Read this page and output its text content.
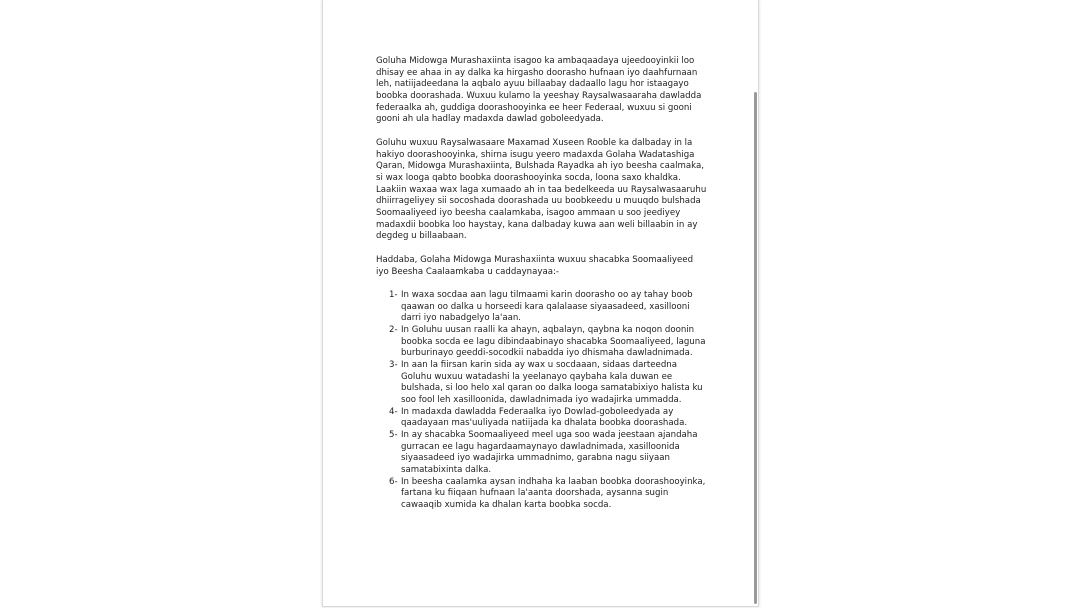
Goluha Midowga Murashaxiinta isagoo ka ambaqaadaya ujeedooyinkii loo dhisay ee ahaa in ay dalka ka hirgasho doorasho hufnaan iyo daahfurnaan leh, natiijadeedana la aqbalo ayuu billaabay dadaallo lagu hor istaagayo boobka doorashada. Wuxuu kulamo la yeeshay Raysalwasaaraha dawladda federaalka ah, guddiga doorashooyinka ee heer Federaal, wuxuu si gooni gooni ah ula hadlay madaxda dawlad goboleedyada.

Goluhu wuxuu Raysalwasaare Maxamad Xuseen Rooble ka dalbaday in la hakiyo doorashooyinka, shirna isugu yeero madaxda Golaha Wadatashiga Qaran, Midowga Murashaxiinta, Bulshada Rayadka ah iyo beesha caalmaka, si wax looga qabto boobka doorashooyinka socda, loona saxo khaldka. Laakiin waxaa wax laga xumaado ah in taa bedelkeeda uu Raysalwasaaruhu dhiirrageliyey sii socoshada doorashada uu boobkeedu u muuqdo bulshada Soomaaliyeed iyo beesha caalamkaba, isagoo ammaan u soo jeediyey madaxdii boobka loo haystay, kana dalbaday kuwa aan weli billaabin in ay degdeg u billaabaan.

Haddaba, Golaha Midowga Murashaxiinta wuxuu shacabka Soomaaliyeed iyo Beesha Caalaamkaba u caddaynayaa:-

1- In waxa socdaa aan lagu tilmaami karin doorasho oo ay tahay boob qaawan oo dalka u horseedi kara qalalaase siyaasadeed, xasillooni darri iyo nabadgelyo la'aan.
2- In Goluhu uusan raalli ka ahayn, aqbalayn, qaybna ka noqon doonin boobka socda ee lagu dibindaabinayo shacabka Soomaaliyeed, laguna burburinayo geeddi-socodkii nabadda iyo dhismaha dawladnimada.
3- In aan la fiirsan karin sida ay wax u socdaaan, sidaas darteedna Goluhu wuxuu watadashi la yeelanayo qaybaha kala duwan ee bulshada, si loo helo xal qaran oo dalka looga samatabixiyo halista ku soo fool leh xasilloonida, dawladnimada iyo wadajirka ummadda.
4- In madaxda dawladda Federaalka iyo Dowlad-goboleedyada ay qaadayaan mas'uuliyada natiijada ka dhalata boobka doorashada.
5- In ay shacabka Soomaaliyeed meel uga soo wada jeestaan ajandaha gurracan ee lagu hagardaamaynayo dawladnimada, xasilloonida siyaasadeed iyo wadajirka ummadnimo, garabna nagu siiyaan samatabixinta dalka.
6- In beesha caalamka aysan indhaha ka laaban boobka doorashooyinka, fartana ku fiiqaan hufnaan la'aanta doorshada, aysanna sugin cawaaqib xumida ka dhalan karta boobka socda.
